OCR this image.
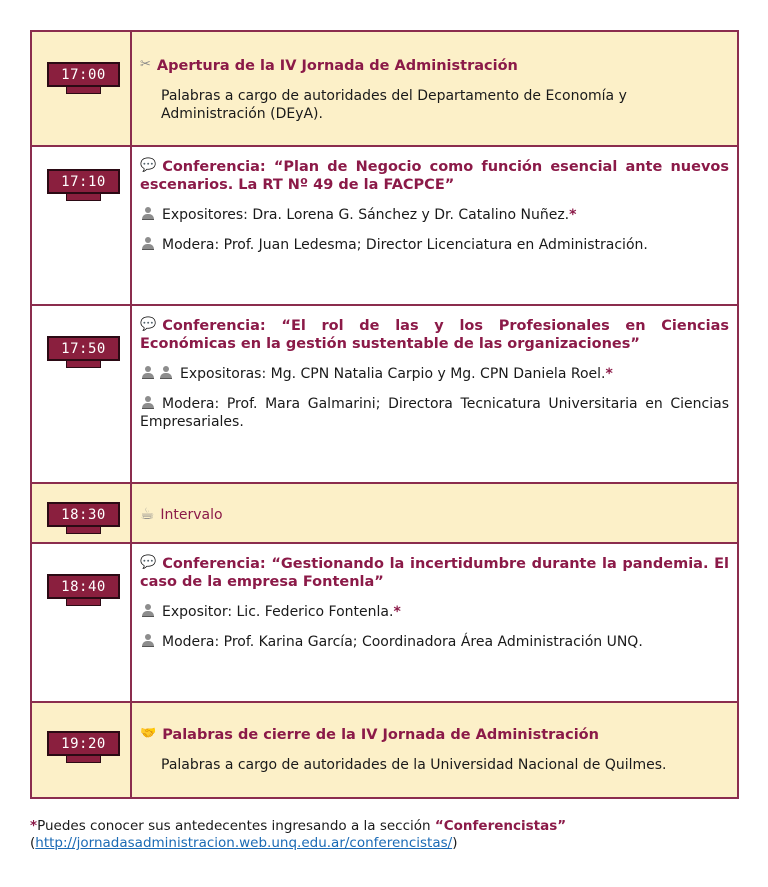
17:00	✂ Apertura de la IV Jornada de Administración

Palabras a cargo de autoridades del Departamento de Economía y Administración (DEyA).

17:10	💬 Conferencia: “Plan de Negocio como función esencial ante nuevos escenarios. La RT Nº 49 de la FACPCE”

Expositores: Dra. Lorena G. Sánchez y Dr. Catalino Nuñez.*

Modera: Prof. Juan Ledesma; Director Licenciatura en Administración.

17:50	💬 Conferencia: “El rol de las y los Profesionales en Ciencias Económicas en la gestión sustentable de las organizaciones”

Expositoras: Mg. CPN Natalia Carpio y Mg. CPN Daniela Roel.*

Modera: Prof. Mara Galmarini; Directora Tecnicatura Universitaria en Ciencias Empresariales.

18:30	☕ Intervalo

18:40	💬 Conferencia: “Gestionando la incertidumbre durante la pandemia. El caso de la empresa Fontenla”

Expositor: Lic. Federico Fontenla.*

Modera: Prof. Karina García; Coordinadora Área Administración UNQ.

19:20	🤝 Palabras de cierre de la IV Jornada de Administración

Palabras a cargo de autoridades de la Universidad Nacional de Quilmes.

*Puedes conocer sus antedecentes ingresando a la sección “Conferencistas”
(http://jornadasadministracion.web.unq.edu.ar/conferencistas/)
